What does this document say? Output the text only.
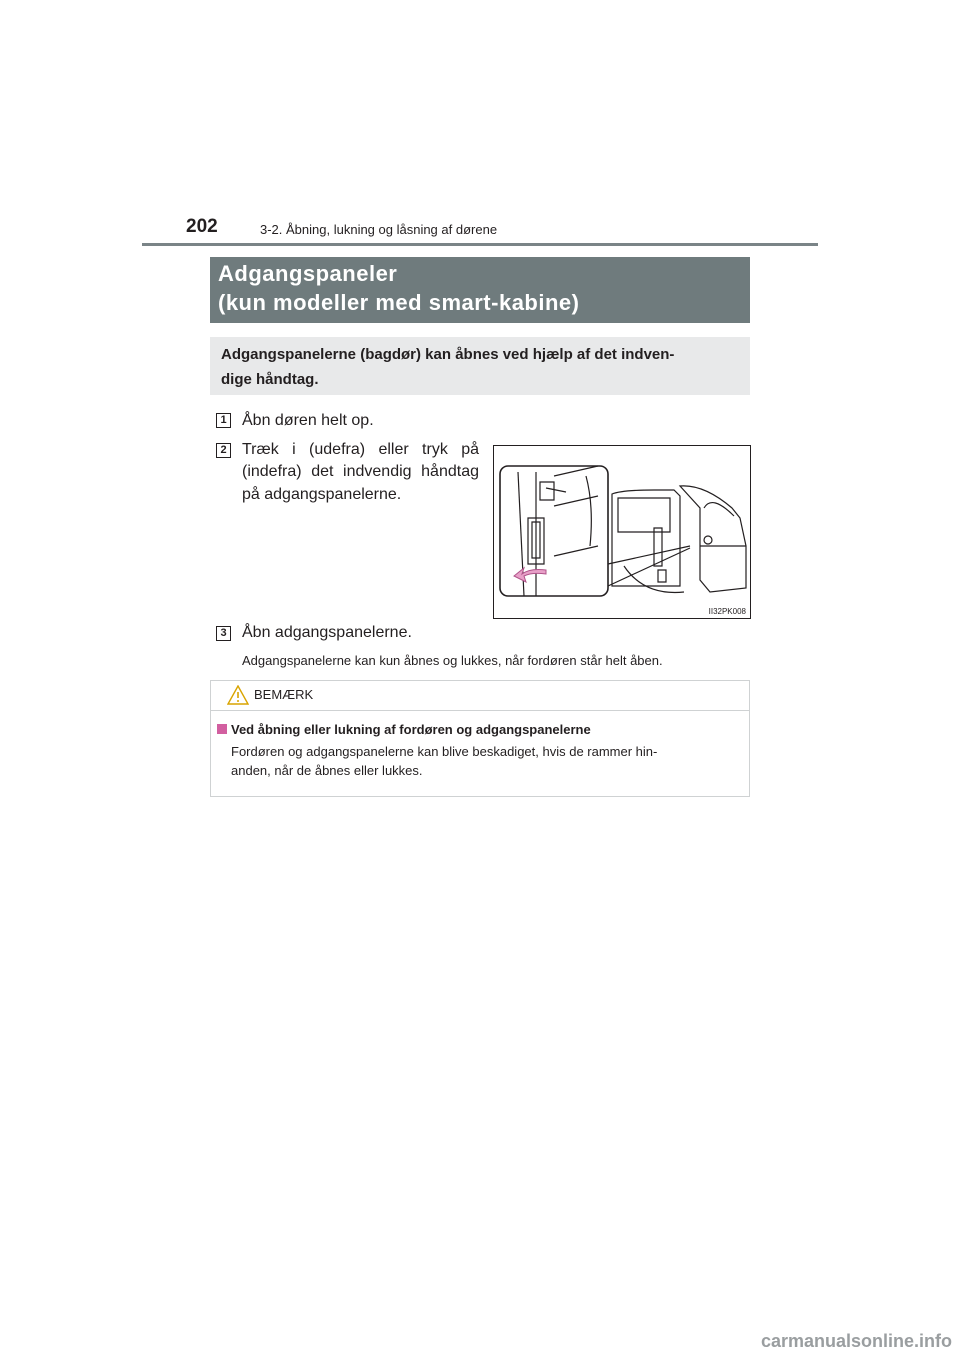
202	3-2. Åbning, lukning og låsning af dørene
Adgangspaneler
(kun modeller med smart-kabine)
Adgangspanelerne (bagdør) kan åbnes ved hjælp af det indven-
dige håndtag.
1 Åbn døren helt op.
2 Træk i (udefra) eller tryk på
(indefra) det indvendig håndtag
på adgangspanelerne.
II32PK008
3 Åbn adgangspanelerne.
Adgangspanelerne kan kun åbnes og lukkes, når fordøren står helt åben.
BEMÆRK
Ved åbning eller lukning af fordøren og adgangspanelerne
Fordøren og adgangspanelerne kan blive beskadiget, hvis de rammer hin-
anden, når de åbnes eller lukkes.
carmanualsonline.info
